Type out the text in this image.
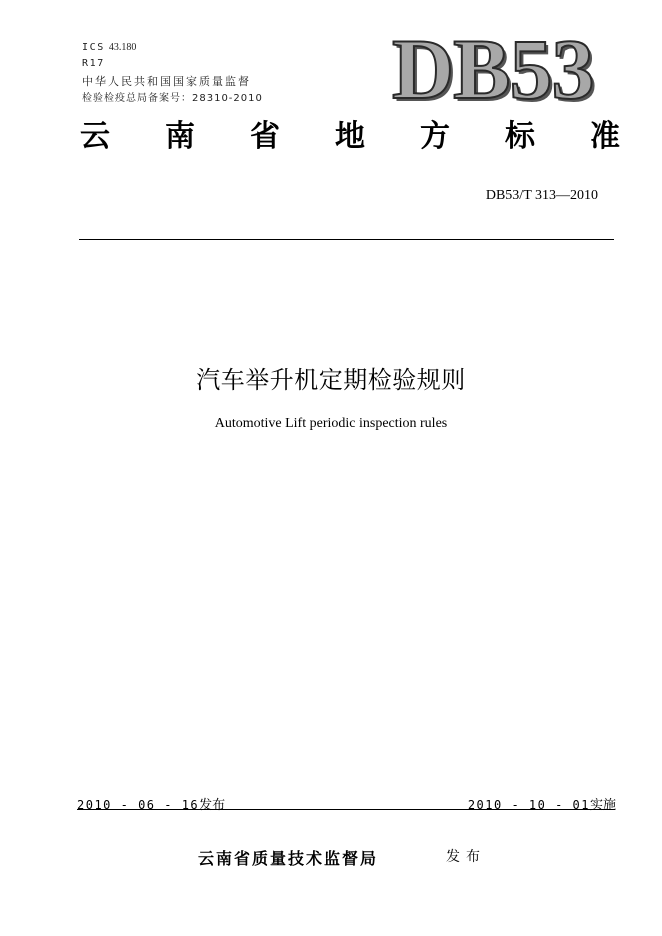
ICS 43.180
R17
中华人民共和国国家质量监督
检验检疫总局备案号：28310-2010 DB53
云 南 省 地 方 标 准
DB53/T 313—2010
汽车举升机定期检验规则
Automotive Lift periodic inspection rules
2010 - 06 - 16发布	2010 - 10 - 01实施
云南省质量技术监督局	发布
